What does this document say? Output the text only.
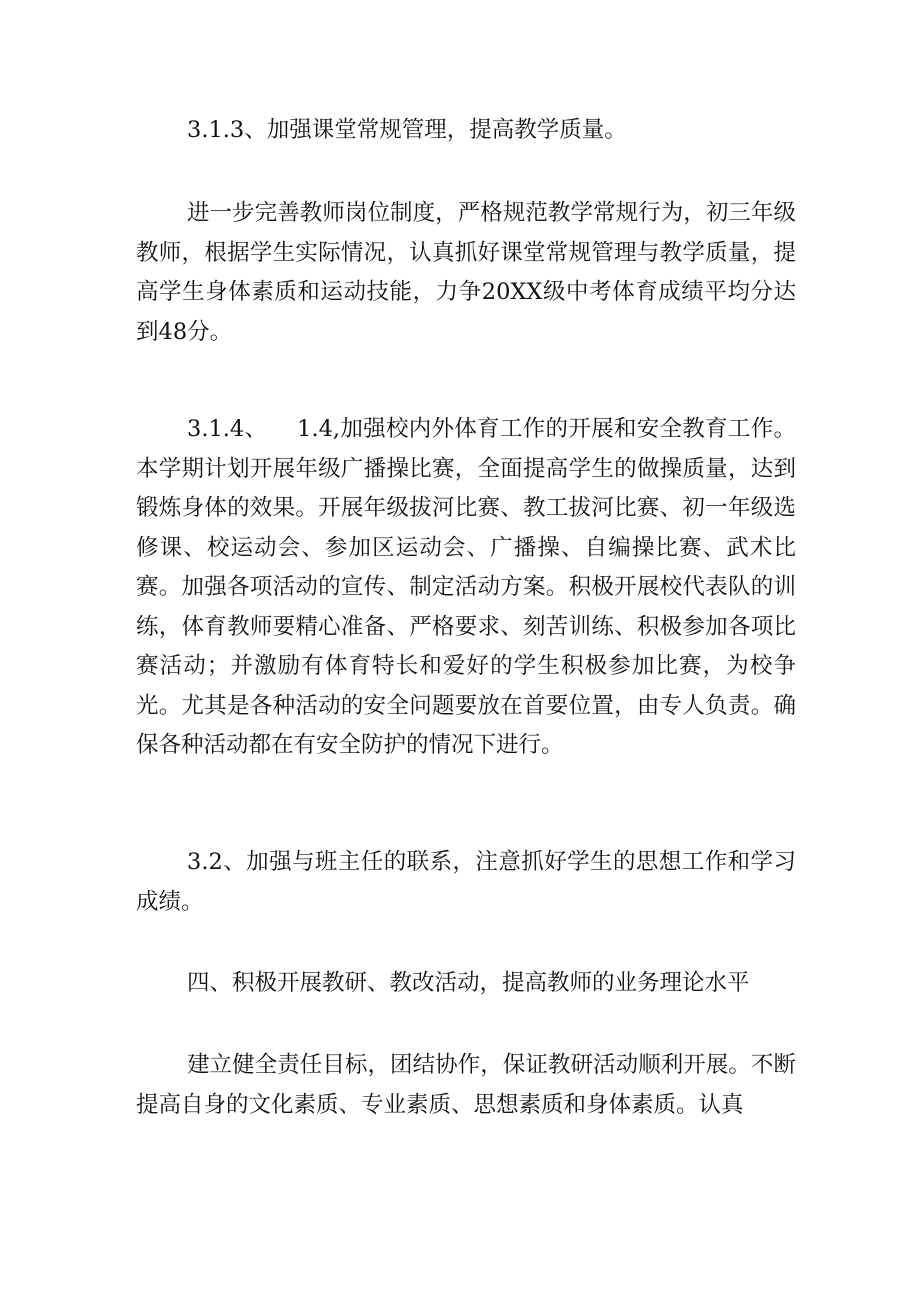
3.1.3、加强课堂常规管理，提高教学质量。

进一步完善教师岗位制度，严格规范教学常规行为，初三年级教师，根据学生实际情况，认真抓好课堂常规管理与教学质量，提高学生身体素质和运动技能，力争20XX级中考体育成绩平均分达到48分。

3.1.4、    1.4,加强校内外体育工作的开展和安全教育工作。本学期计划开展年级广播操比赛，全面提高学生的做操质量，达到锻炼身体的效果。开展年级拔河比赛、教工拔河比赛、初一年级选修课、校运动会、参加区运动会、广播操、自编操比赛、武术比赛。加强各项活动的宣传、制定活动方案。积极开展校代表队的训练，体育教师要精心准备、严格要求、刻苦训练、积极参加各项比赛活动；并激励有体育特长和爱好的学生积极参加比赛，为校争光。尤其是各种活动的安全问题要放在首要位置，由专人负责。确保各种活动都在有安全防护的情况下进行。

3.2、加强与班主任的联系，注意抓好学生的思想工作和学习成绩。

四、积极开展教研、教改活动，提高教师的业务理论水平

建立健全责任目标，团结协作，保证教研活动顺利开展。不断提高自身的文化素质、专业素质、思想素质和身体素质。认真
